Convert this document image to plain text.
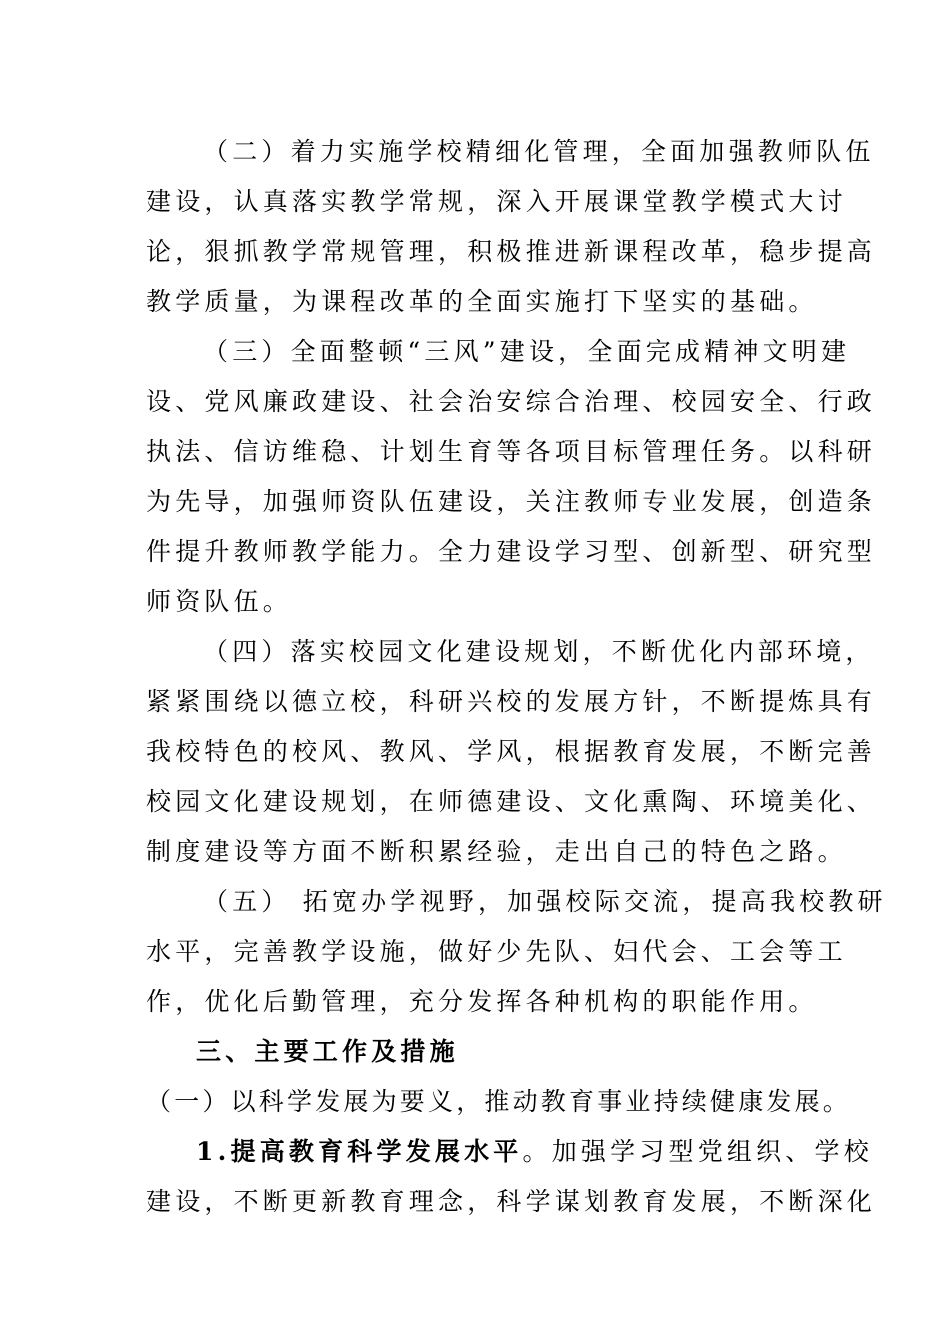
（二）着力实施学校精细化管理，全面加强教师队伍
建设，认真落实教学常规，深入开展课堂教学模式大讨
论，狠抓教学常规管理，积极推进新课程改革，稳步提高
教学质量，为课程改革的全面实施打下坚实的基础。
（三）全面整顿“三风”建设，全面完成精神文明建
设、党风廉政建设、社会治安综合治理、校园安全、行政
执法、信访维稳、计划生育等各项目标管理任务。以科研
为先导，加强师资队伍建设，关注教师专业发展，创造条
件提升教师教学能力。全力建设学习型、创新型、研究型
师资队伍。
（四）落实校园文化建设规划，不断优化内部环境，
紧紧围绕以德立校，科研兴校的发展方针，不断提炼具有
我校特色的校风、教风、学风，根据教育发展，不断完善
校园文化建设规划，在师德建设、文化熏陶、环境美化、
制度建设等方面不断积累经验，走出自己的特色之路。
（五） 拓宽办学视野，加强校际交流，提高我校教研
水平，完善教学设施，做好少先队、妇代会、工会等工
作，优化后勤管理，充分发挥各种机构的职能作用。
三、主要工作及措施
（一）以科学发展为要义，推动教育事业持续健康发展。
1.提高教育科学发展水平。加强学习型党组织、学校
建设，不断更新教育理念，科学谋划教育发展，不断深化
